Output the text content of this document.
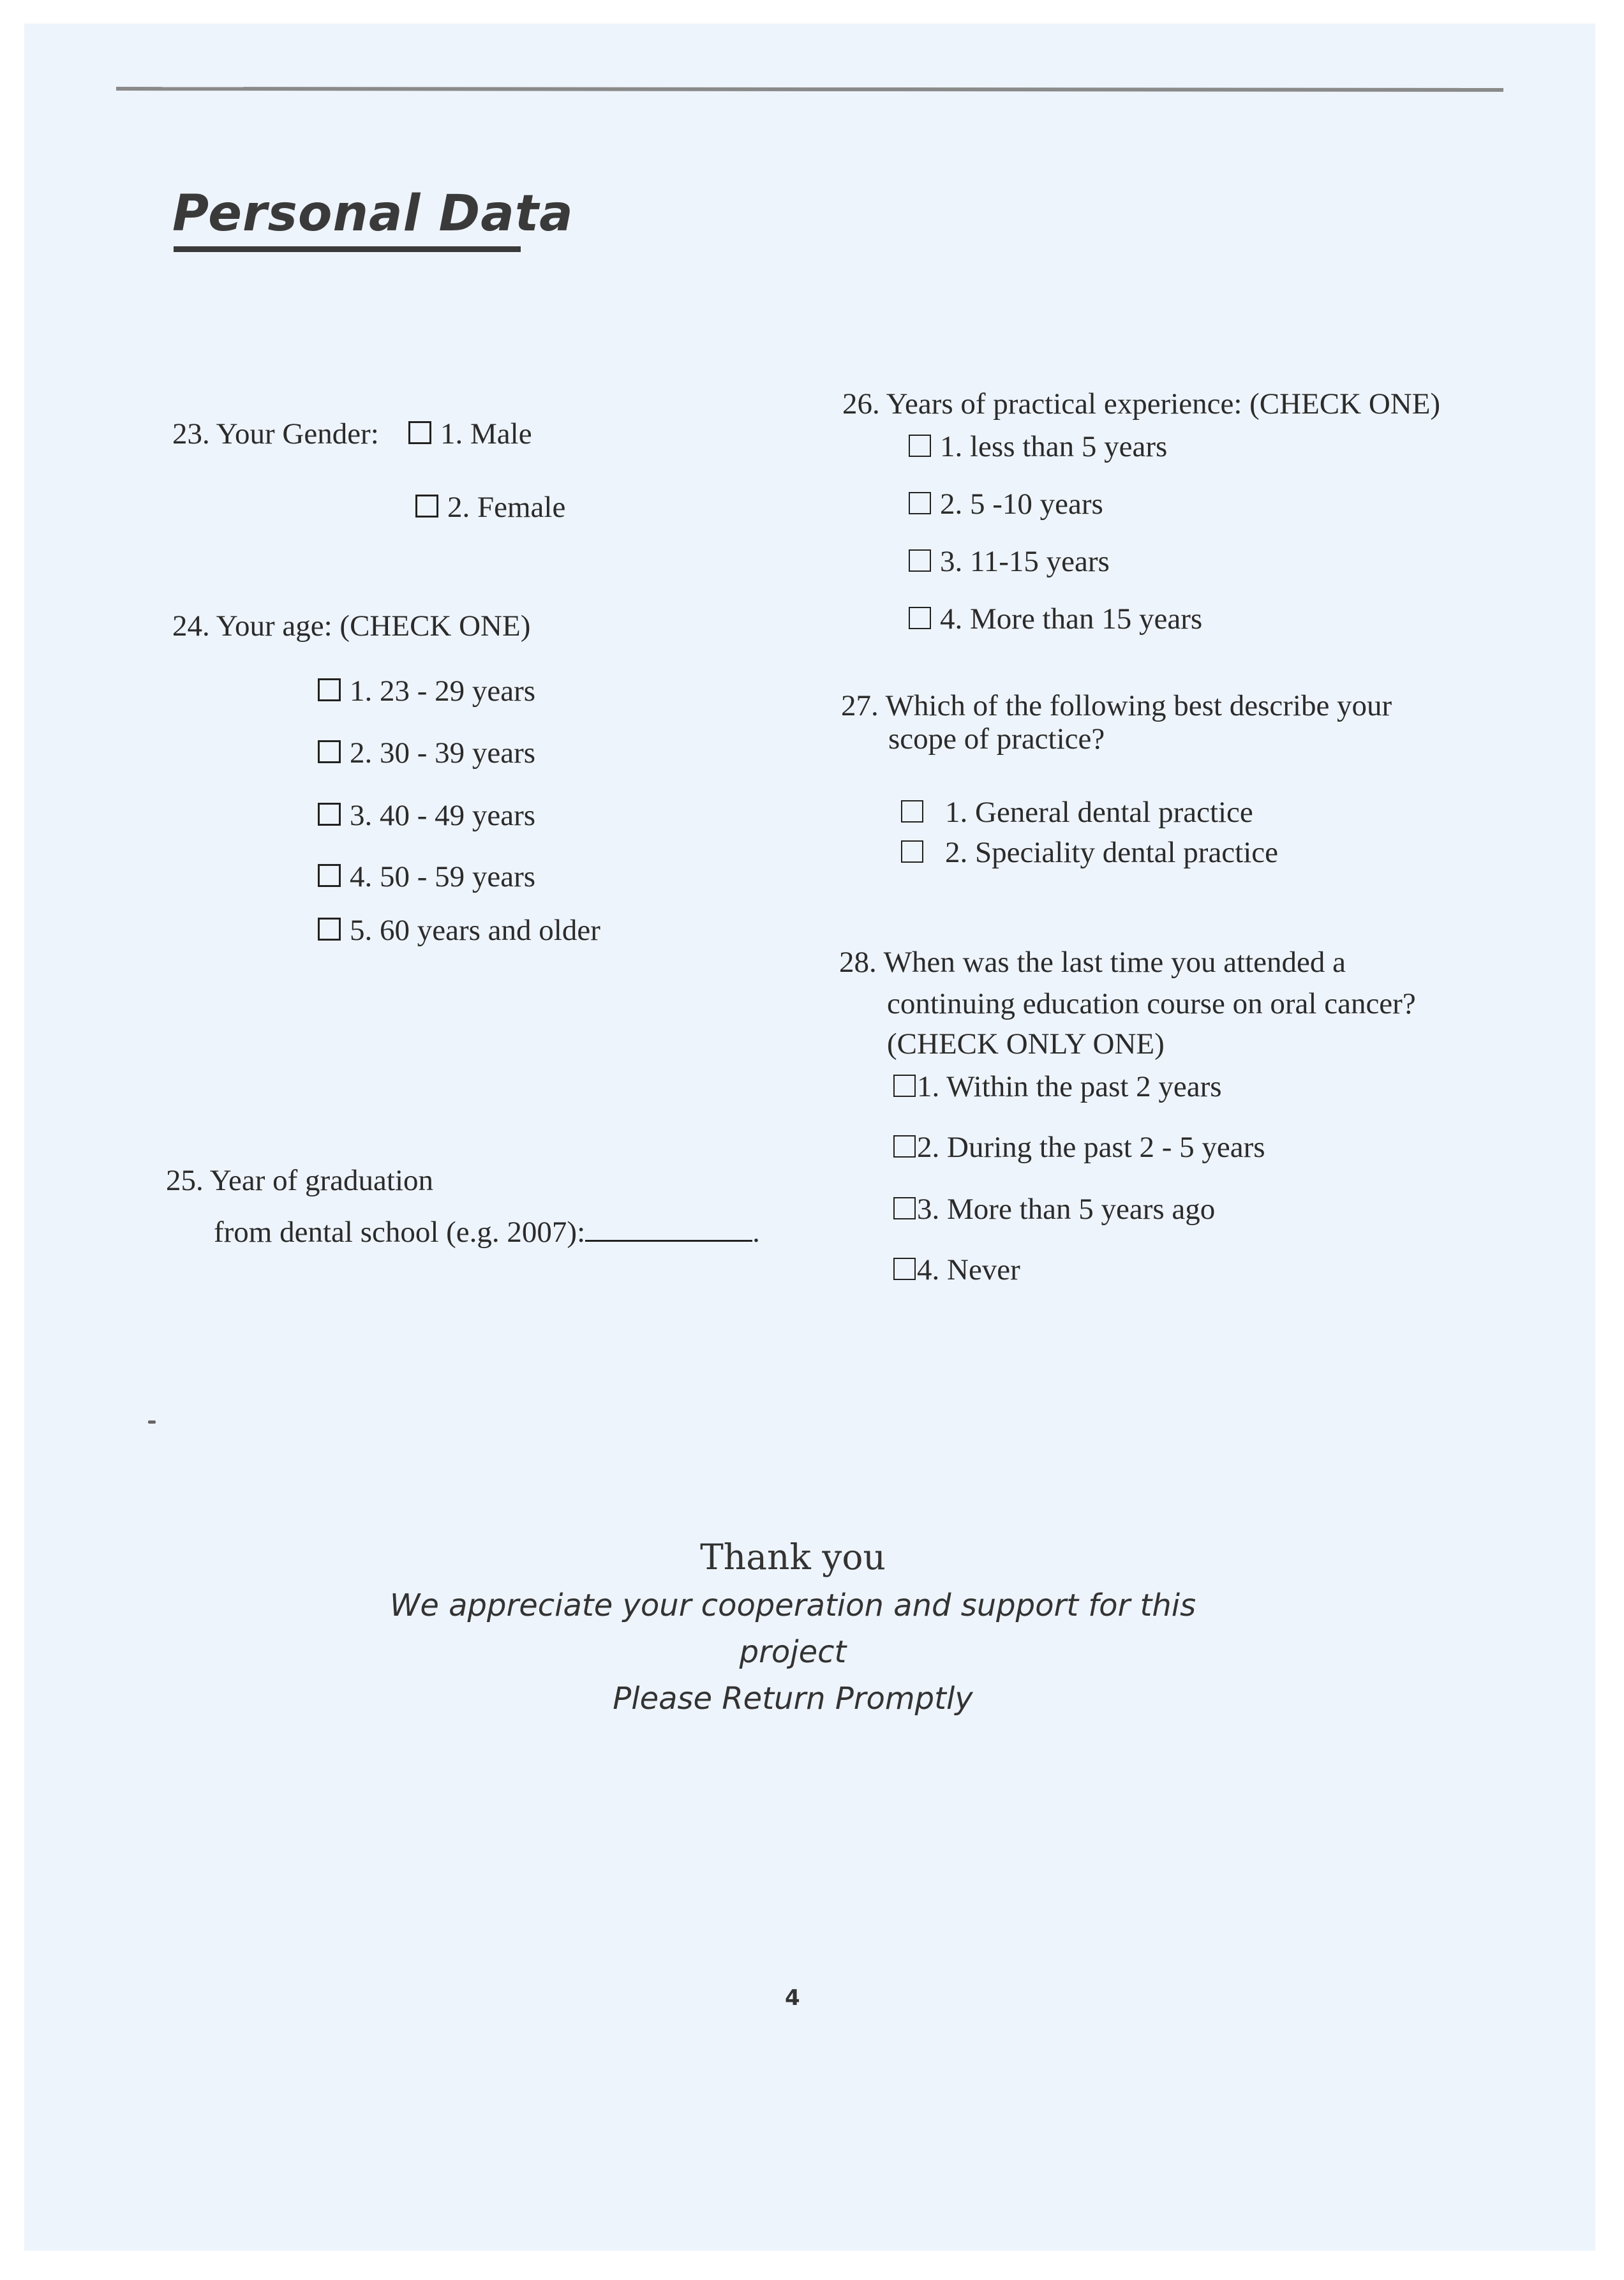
Personal Data
23. Your Gender:	1. Male
2. Female
24. Your age: (CHECK ONE)
1. 23 - 29 years
2. 30 - 39 years
3. 40 - 49 years
4. 50 - 59 years
5. 60 years and older
25. Year of graduation
from dental school (e.g. 2007):	.
26. Years of practical experience: (CHECK ONE)
1. less than 5 years
2. 5 -10 years
3. 11-15 years
4. More than 15 years
27. Which of the following best describe your
scope of practice?
1. General dental practice
2. Speciality dental practice
28. When was the last time you attended a
continuing education course on oral cancer?
(CHECK ONLY ONE)
1. Within the past 2 years
2. During the past 2 - 5 years
3. More than 5 years ago
4. Never
Thank you
We appreciate your cooperation and support for this
project
Please Return Promptly
4
